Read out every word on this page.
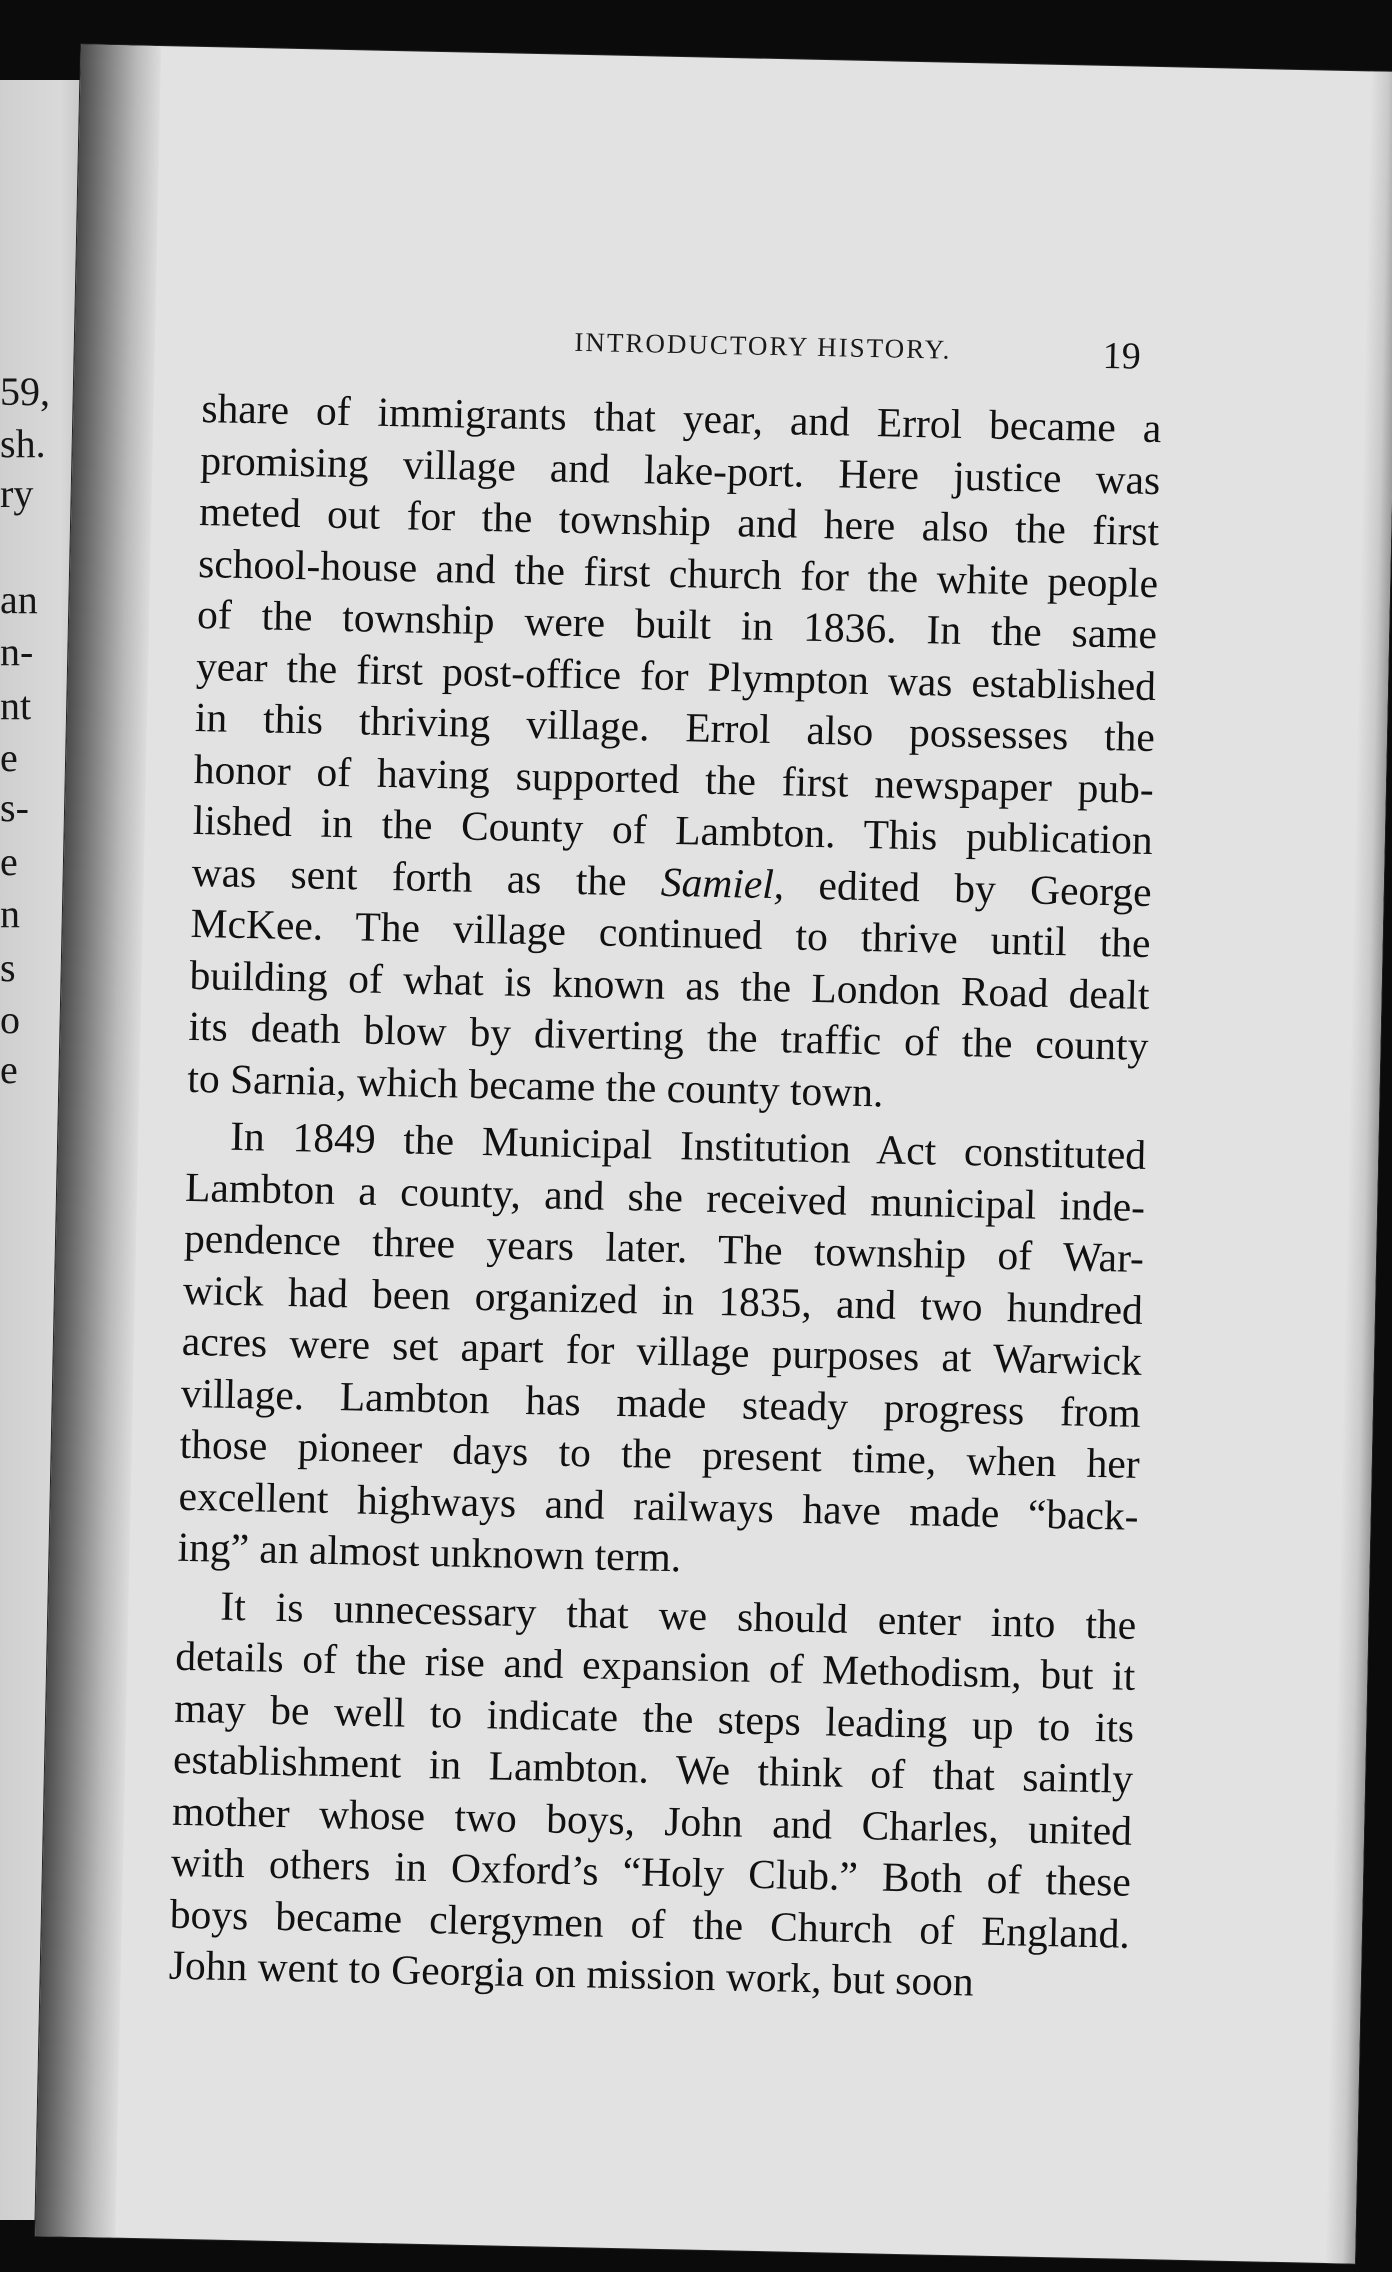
59,
sh.
ry
an
n-
nt
e
s-
e
n
s
o
e
INTRODUCTORY HISTORY.	19
share of immigrants that year, and Errol became a
promising village and lake-port. Here justice was
meted out for the township and here also the first
school-house and the first church for the white people
of the township were built in 1836. In the same
year the first post-office for Plympton was established
in this thriving village. Errol also possesses the
honor of having supported the first newspaper pub-
lished in the County of Lambton. This publication
was sent forth as the Samiel, edited by George
McKee. The village continued to thrive until the
building of what is known as the London Road dealt
its death blow by diverting the traffic of the county
to Sarnia, which became the county town.
In 1849 the Municipal Institution Act constituted
Lambton a county, and she received municipal inde-
pendence three years later. The township of War-
wick had been organized in 1835, and two hundred
acres were set apart for village purposes at Warwick
village. Lambton has made steady progress from
those pioneer days to the present time, when her
excellent highways and railways have made “back-
ing” an almost unknown term.
It is unnecessary that we should enter into the
details of the rise and expansion of Methodism, but it
may be well to indicate the steps leading up to its
establishment in Lambton. We think of that saintly
mother whose two boys, John and Charles, united
with others in Oxford’s “Holy Club.” Both of these
boys became clergymen of the Church of England.
John went to Georgia on mission work, but soon
